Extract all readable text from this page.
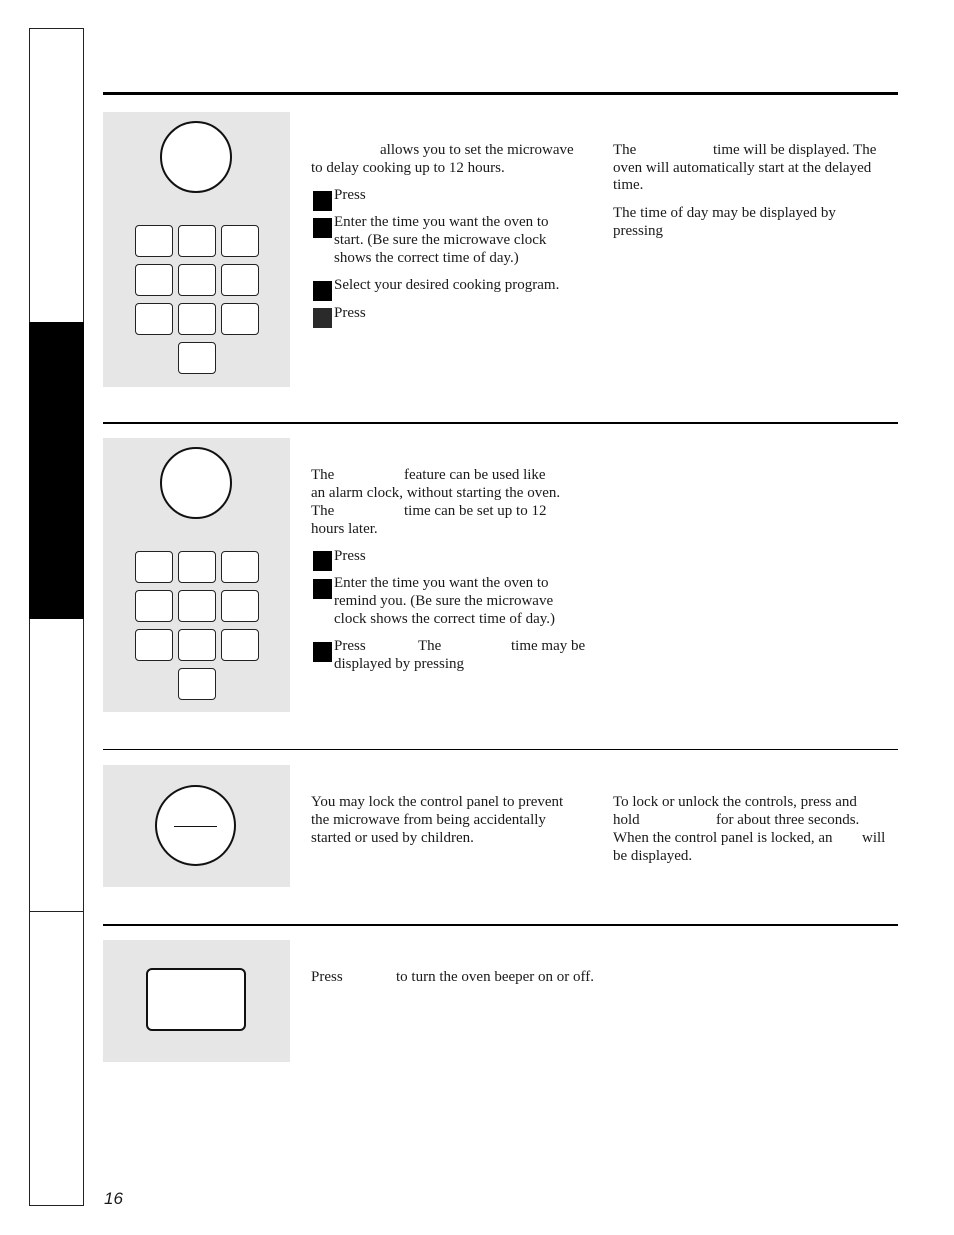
allows you to set the microwave
to delay cooking up to 12 hours.
Press
Enter the time you want the oven to
start. (Be sure the microwave clock
shows the correct time of day.)
Select your desired cooking program.
Press
The	time will be displayed. The
oven will automatically start at the delayed
time.
The time of day may be displayed by
pressing
The	feature can be used like
an alarm clock, without starting the oven.
The	time can be set up to 12
hours later.
Press
Enter the time you want the oven to
remind you. (Be sure the microwave
clock shows the correct time of day.)
Press	The	time may be
displayed by pressing
You may lock the control panel to prevent
the microwave from being accidentally
started or used by children.
To lock or unlock the controls, press and
hold	for about three seconds.
When the control panel is locked, an will
be displayed.
Press	to turn the oven beeper on or off.
16
